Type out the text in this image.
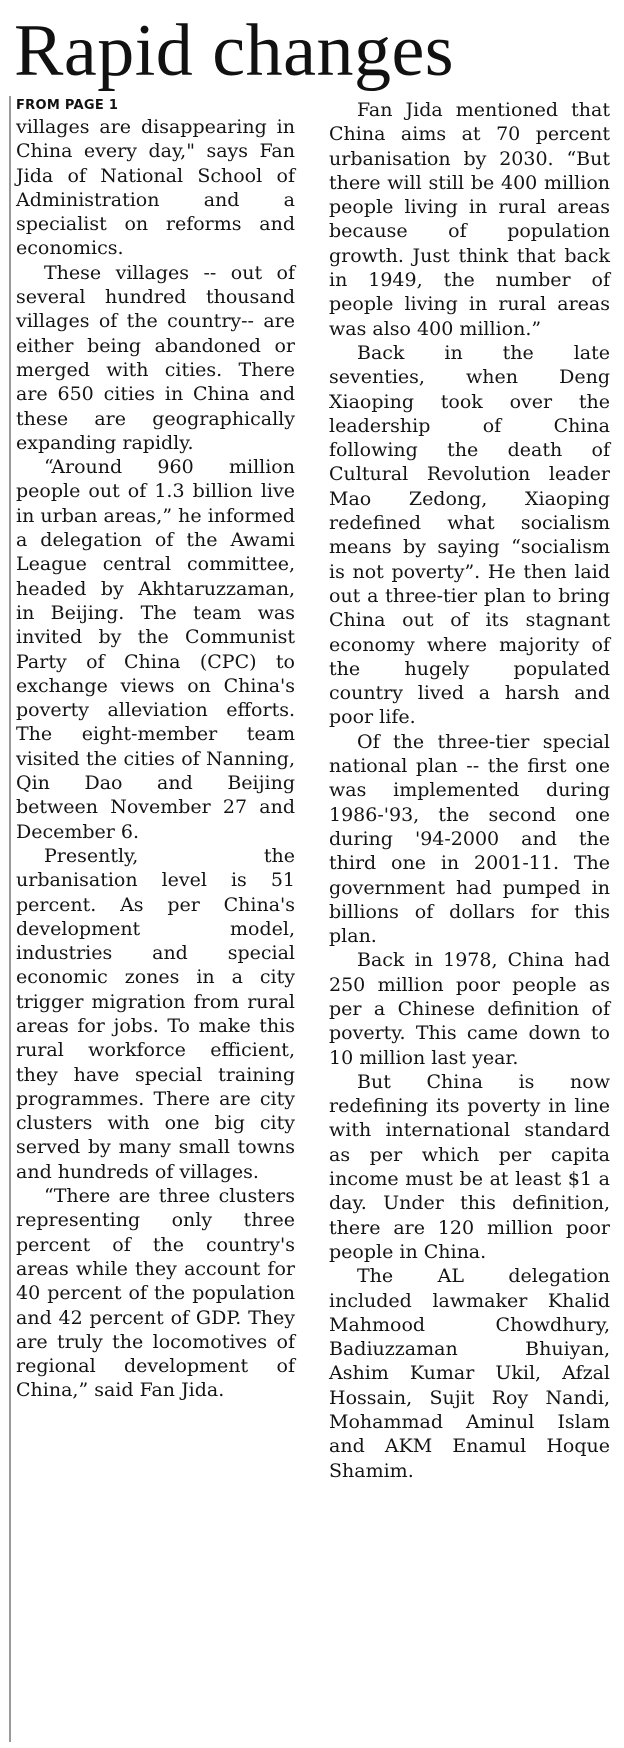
Rapid changes
FROM PAGE 1

villages are disappearing in China every day," says Fan Jida of National School of Administration and a specialist on reforms and economics.

These villages -- out of several hundred thousand villages of the country-- are either being abandoned or merged with cities. There are 650 cities in China and these are geographically expanding rapidly.

“Around 960 million people out of 1.3 billion live in urban areas,” he informed a delegation of the Awami League central committee, headed by Akhtaruzzaman, in Beijing. The team was invited by the Communist Party of China (CPC) to exchange views on China's poverty alleviation efforts. The eight-member team visited the cities of Nanning, Qin Dao and Beijing between November 27 and December 6.

Presently, the urbanisation level is 51 percent. As per China's development model, industries and special economic zones in a city trigger migration from rural areas for jobs. To make this rural workforce efficient, they have special training programmes. There are city clusters with one big city served by many small towns and hundreds of villages.

“There are three clusters representing only three percent of the country's areas while they account for 40 percent of the population and 42 percent of GDP. They are truly the locomotives of regional development of China,” said Fan Jida.

Fan Jida mentioned that China aims at 70 percent urbanisation by 2030. “But there will still be 400 million people living in rural areas because of population growth. Just think that back in 1949, the number of people living in rural areas was also 400 million.”

Back in the late seventies, when Deng Xiaoping took over the leadership of China following the death of Cultural Revolution leader Mao Zedong, Xiaoping redefined what socialism means by saying “socialism is not poverty”. He then laid out a three-tier plan to bring China out of its stagnant economy where majority of the hugely populated country lived a harsh and poor life.

Of the three-tier special national plan -- the first one was implemented during 1986-'93, the second one during '94-2000 and the third one in 2001-11. The government had pumped in billions of dollars for this plan.

Back in 1978, China had 250 million poor people as per a Chinese definition of poverty. This came down to 10 million last year.

But China is now redefining its poverty in line with international standard as per which per capita income must be at least $1 a day. Under this definition, there are 120 million poor people in China.

The AL delegation included lawmaker Khalid Mahmood Chowdhury, Badiuzzaman Bhuiyan, Ashim Kumar Ukil, Afzal Hossain, Sujit Roy Nandi, Mohammad Aminul Islam and AKM Enamul Hoque Shamim.
